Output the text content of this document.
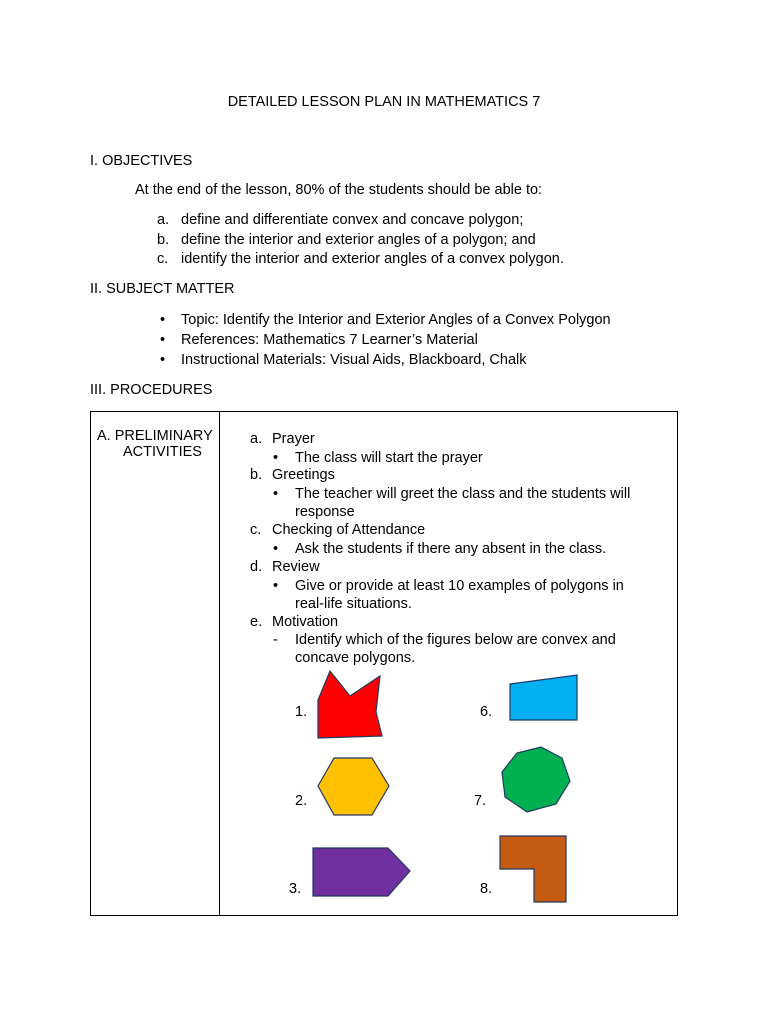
DETAILED LESSON PLAN IN MATHEMATICS 7
I. OBJECTIVES
At the end of the lesson, 80% of the students should be able to:
a. define and differentiate convex and concave polygon;
b. define the interior and exterior angles of a polygon; and
c. identify the interior and exterior angles of a convex polygon.
II. SUBJECT MATTER
• Topic: Identify the Interior and Exterior Angles of a Convex Polygon
• References: Mathematics 7 Learner’s Material
• Instructional Materials: Visual Aids, Blackboard, Chalk
III. PROCEDURES
A. PRELIMINARY
ACTIVITIES
a. Prayer
• The class will start the prayer
b. Greetings
• The teacher will greet the class and the students will
response
c. Checking of Attendance
• Ask the students if there any absent in the class.
d. Review
• Give or provide at least 10 examples of polygons in
real-life situations.
e. Motivation
- Identify which of the figures below are convex and
concave polygons.
1.
2.
3.
6.
7.
8.
